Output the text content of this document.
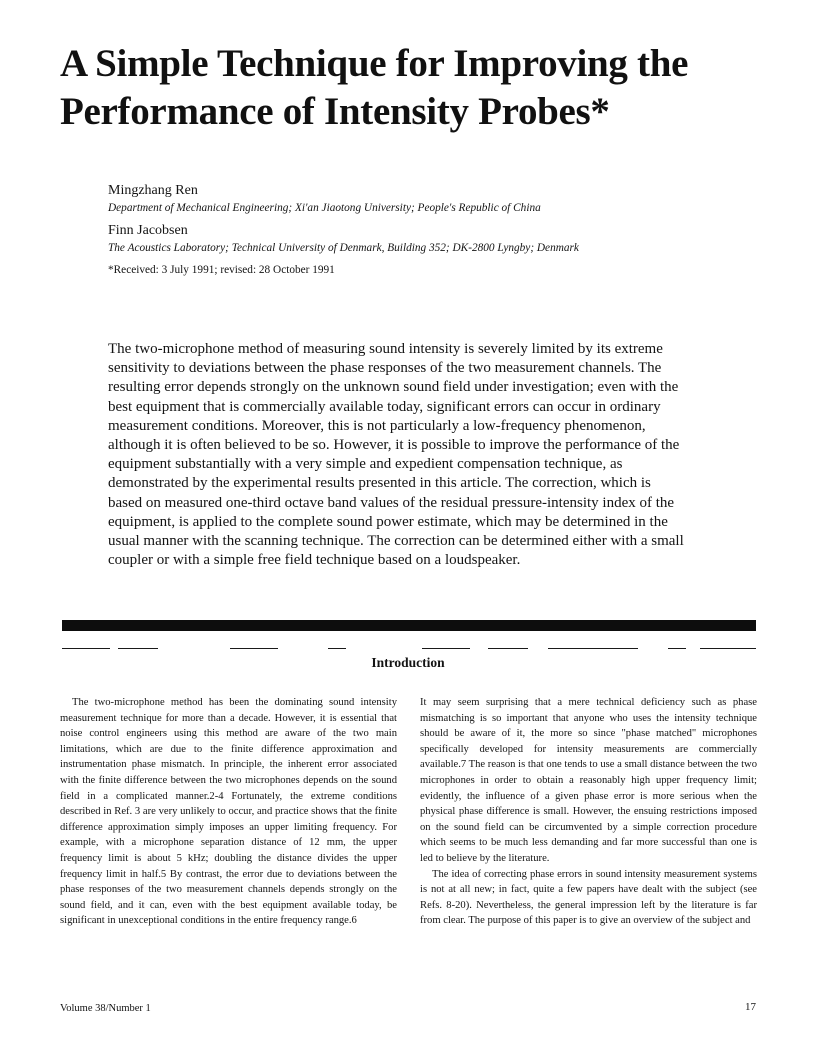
A Simple Technique for Improving the Performance of Intensity Probes*

Mingzhang Ren

Department of Mechanical Engineering; Xi'an Jiaotong University; People's Republic of China

Finn Jacobsen

The Acoustics Laboratory; Technical University of Denmark, Building 352; DK-2800 Lyngby; Denmark

*Received: 3 July 1991; revised: 28 October 1991

The two-microphone method of measuring sound intensity is severely limited by its extreme sensitivity to deviations between the phase responses of the two measurement channels. The resulting error depends strongly on the unknown sound field under investigation; even with the best equipment that is commercially available today, significant errors can occur in ordinary measurement conditions. Moreover, this is not particularly a low-frequency phenomenon, although it is often believed to be so. However, it is possible to improve the performance of the equipment substantially with a very simple and expedient compensation technique, as demonstrated by the experimental results presented in this article. The correction, which is based on measured one-third octave band values of the residual pressure-intensity index of the equipment, is applied to the complete sound power estimate, which may be determined in the usual manner with the scanning technique. The correction can be determined either with a small coupler or with a simple free field technique based on a loudspeaker.

Introduction

The two-microphone method has been the dominating sound intensity measurement technique for more than a decade. However, it is essential that noise control engineers using this method are aware of the two main limitations, which are due to the finite difference approximation and instrumentation phase mismatch. In principle, the inherent error associated with the finite difference between the two microphones depends on the sound field in a complicated manner.2-4 Fortunately, the extreme conditions described in Ref. 3 are very unlikely to occur, and practice shows that the finite difference approximation simply imposes an upper limiting frequency. For example, with a microphone separation distance of 12 mm, the upper frequency limit is about 5 kHz; doubling the distance divides the upper frequency limit in half.5 By contrast, the error due to deviations between the phase responses of the two measurement channels depends strongly on the sound field, and it can, even with the best equipment available today, be significant in unexceptional conditions in the entire frequency range.6

It may seem surprising that a mere technical deficiency such as phase mismatching is so important that anyone who uses the intensity technique should be aware of it, the more so since "phase matched" microphones specifically developed for intensity measurements are commercially available.7 The reason is that one tends to use a small distance between the two microphones in order to obtain a reasonably high upper frequency limit; evidently, the influence of a given phase error is more serious when the physical phase difference is small. However, the ensuing restrictions imposed on the sound field can be circumvented by a simple correction procedure which seems to be much less demanding and far more successful than one is led to believe by the literature.

The idea of correcting phase errors in sound intensity measurement systems is not at all new; in fact, quite a few papers have dealt with the subject (see Refs. 8-20). Nevertheless, the general impression left by the literature is far from clear. The purpose of this paper is to give an overview of the subject and

Volume 38/Number 1	17
